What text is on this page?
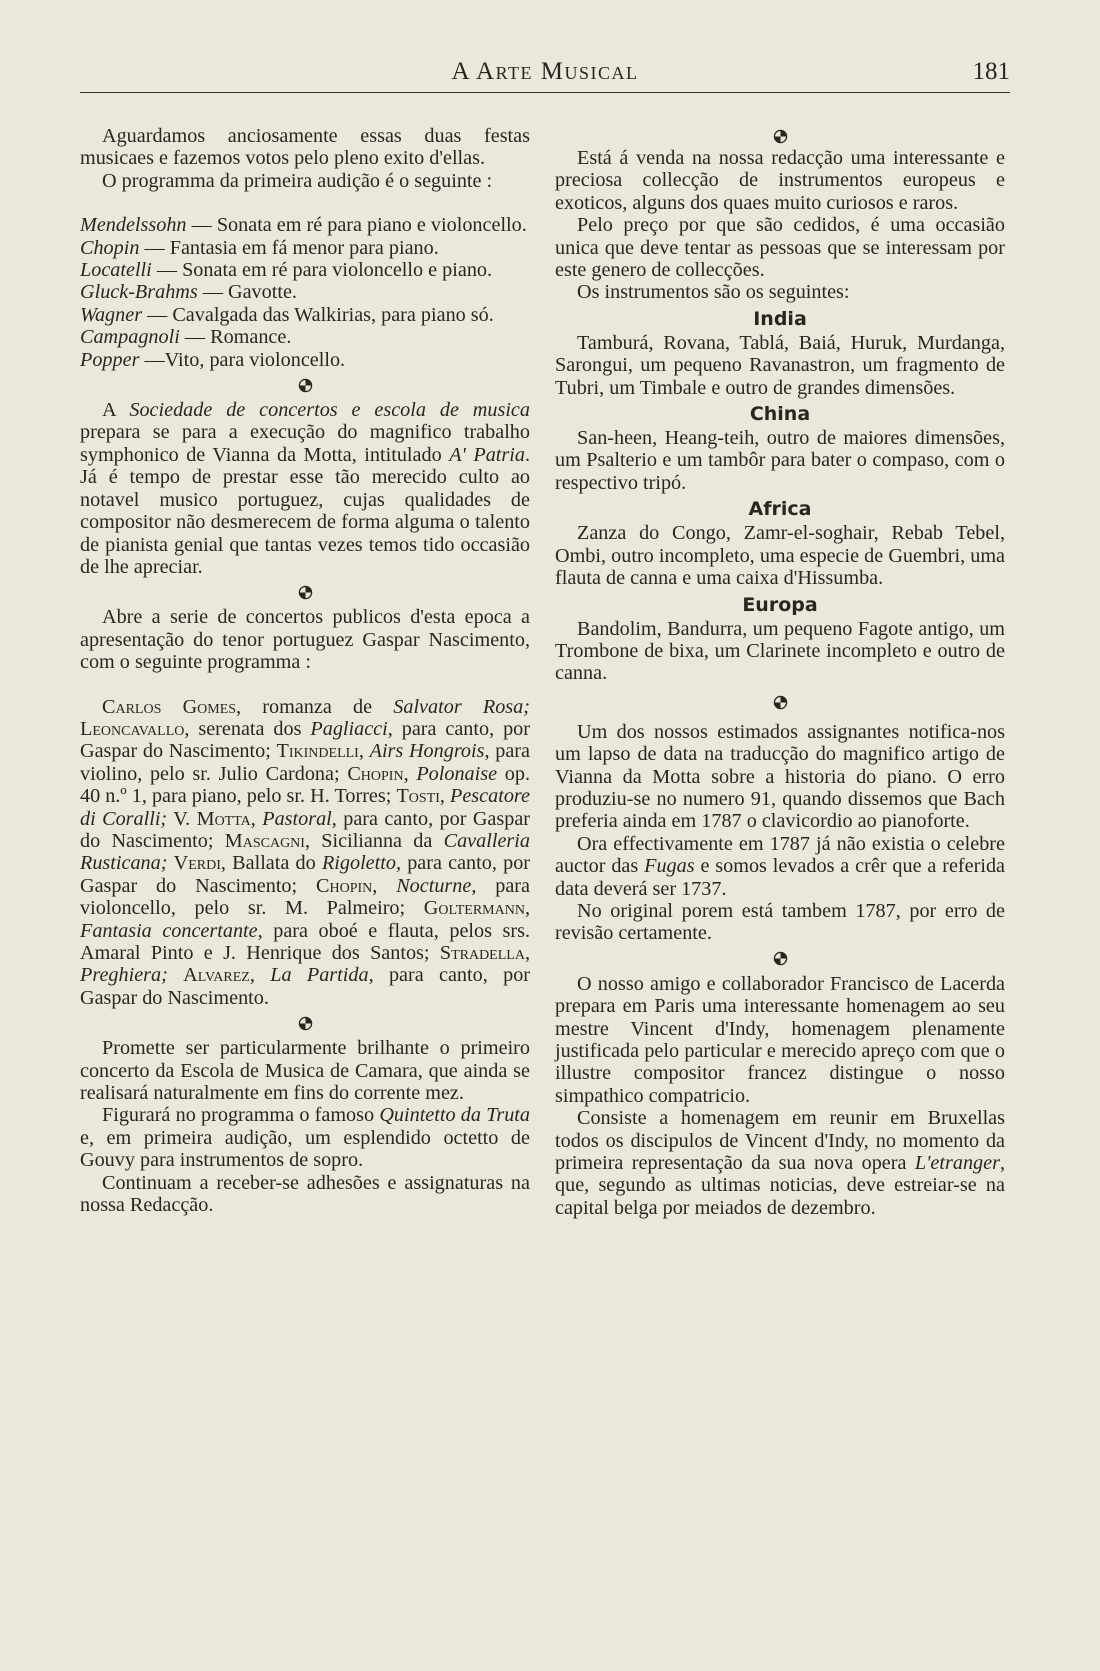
A Arte Musical	181

Aguardamos anciosamente essas duas festas musicaes e fazemos votos pelo pleno exito d'ellas.

O programma da primeira audição é o seguinte :

Mendelssohn — Sonata em ré para piano e violoncello.

Chopin — Fantasia em fá menor para piano.

Locatelli — Sonata em ré para violoncello e piano.

Gluck-Brahms — Gavotte.

Wagner — Cavalgada das Walkirias, para piano só.

Campagnoli — Romance.

Popper —Vito, para violoncello.

A Sociedade de concertos e escola de musica prepara se para a execução do magnifico trabalho symphonico de Vianna da Motta, intitulado A' Patria. Já é tempo de prestar esse tão merecido culto ao notavel musico portuguez, cujas qualidades de compositor não desmerecem de forma alguma o talento de pianista genial que tantas vezes temos tido occasião de lhe apreciar.

Abre a serie de concertos publicos d'esta epoca a apresentação do tenor portuguez Gaspar Nascimento, com o seguinte programma :

Carlos Gomes, romanza de Salvator Rosa; Leoncavallo, serenata dos Pagliacci, para canto, por Gaspar do Nascimento; Tikindelli, Airs Hongrois, para violino, pelo sr. Julio Cardona; Chopin, Polonaise op. 40 n.º 1, para piano, pelo sr. H. Torres; Tosti, Pescatore di Coralli; V. Motta, Pastoral, para canto, por Gaspar do Nascimento; Mascagni, Sicilianna da Cavalleria Rusticana; Verdi, Ballata do Rigoletto, para canto, por Gaspar do Nascimento; Chopin, Nocturne, para violoncello, pelo sr. M. Palmeiro; Goltermann, Fantasia concertante, para oboé e flauta, pelos srs. Amaral Pinto e J. Henrique dos Santos; Stradella, Preghiera; Alvarez, La Partida, para canto, por Gaspar do Nascimento.

Promette ser particularmente brilhante o primeiro concerto da Escola de Musica de Camara, que ainda se realisará naturalmente em fins do corrente mez.

Figurará no programma o famoso Quintetto da Truta e, em primeira audição, um esplendido octetto de Gouvy para instrumentos de sopro.

Continuam a receber-se adhesões e assignaturas na nossa Redacção.

Está á venda na nossa redacção uma interessante e preciosa collecção de instrumentos europeus e exoticos, alguns dos quaes muito curiosos e raros.

Pelo preço por que são cedidos, é uma occasião unica que deve tentar as pessoas que se interessam por este genero de collecções.

Os instrumentos são os seguintes:

India

Tamburá, Rovana, Tablá, Baiá, Huruk, Murdanga, Sarongui, um pequeno Ravanastron, um fragmento de Tubri, um Timbale e outro de grandes dimensões.

China

San-heen, Heang-teih, outro de maiores dimensões, um Psalterio e um tambôr para bater o compaso, com o respectivo tripó.

Africa

Zanza do Congo, Zamr-el-soghair, Rebab Tebel, Ombi, outro incompleto, uma especie de Guembri, uma flauta de canna e uma caixa d'Hissumba.

Europa

Bandolim, Bandurra, um pequeno Fagote antigo, um Trombone de bixa, um Clarinete incompleto e outro de canna.

Um dos nossos estimados assignantes notifica-nos um lapso de data na traducção do magnifico artigo de Vianna da Motta sobre a historia do piano. O erro produziu-se no numero 91, quando dissemos que Bach preferia ainda em 1787 o clavicordio ao pianoforte.

Ora effectivamente em 1787 já não existia o celebre auctor das Fugas e somos levados a crêr que a referida data deverá ser 1737.

No original porem está tambem 1787, por erro de revisão certamente.

O nosso amigo e collaborador Francisco de Lacerda prepara em Paris uma interessante homenagem ao seu mestre Vincent d'Indy, homenagem plenamente justificada pelo particular e merecido apreço com que o illustre compositor francez distingue o nosso simpathico compatricio.

Consiste a homenagem em reunir em Bruxellas todos os discipulos de Vincent d'Indy, no momento da primeira representação da sua nova opera L'etranger, que, segundo as ultimas noticias, deve estreiar-se na capital belga por meiados de dezembro.
